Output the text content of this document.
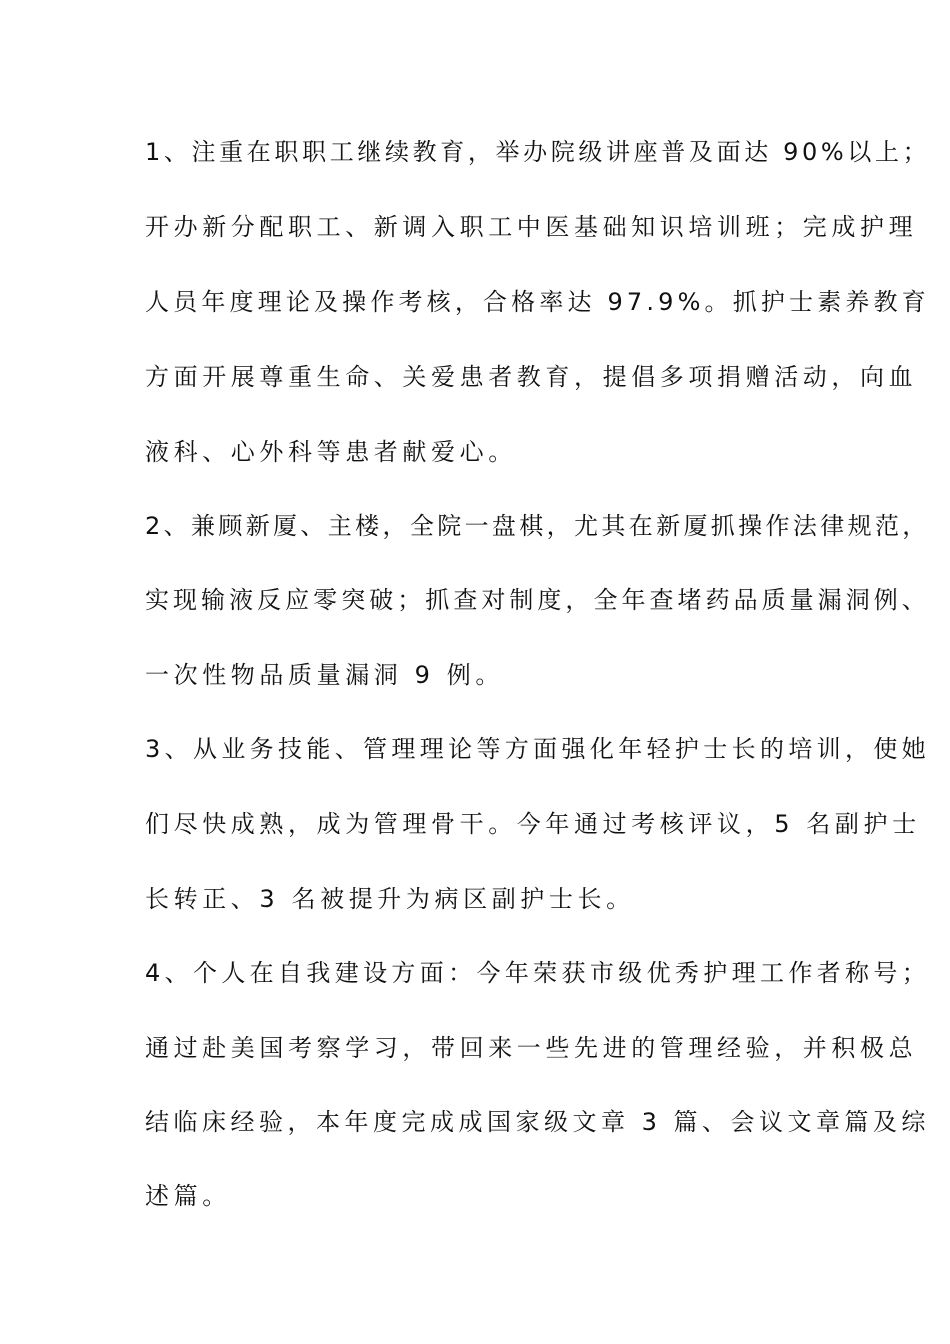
1、注重在职职工继续教育，举办院级讲座普及面达 90%以上；
开办新分配职工、新调入职工中医基础知识培训班；完成护理
人员年度理论及操作考核，合格率达 97.9%。抓护士素养教育
方面开展尊重生命、关爱患者教育，提倡多项捐赠活动，向血
液科、心外科等患者献爱心。
2、兼顾新厦、主楼，全院一盘棋，尤其在新厦抓操作法律规范，
实现输液反应零突破；抓查对制度，全年查堵药品质量漏洞例、
一次性物品质量漏洞 9 例。
3、从业务技能、管理理论等方面强化年轻护士长的培训，使她
们尽快成熟，成为管理骨干。今年通过考核评议，5 名副护士
长转正、3 名被提升为病区副护士长。
4、个人在自我建设方面：今年荣获市级优秀护理工作者称号；
通过赴美国考察学习，带回来一些先进的管理经验，并积极总
结临床经验，本年度完成成国家级文章 3 篇、会议文章篇及综
述篇。
